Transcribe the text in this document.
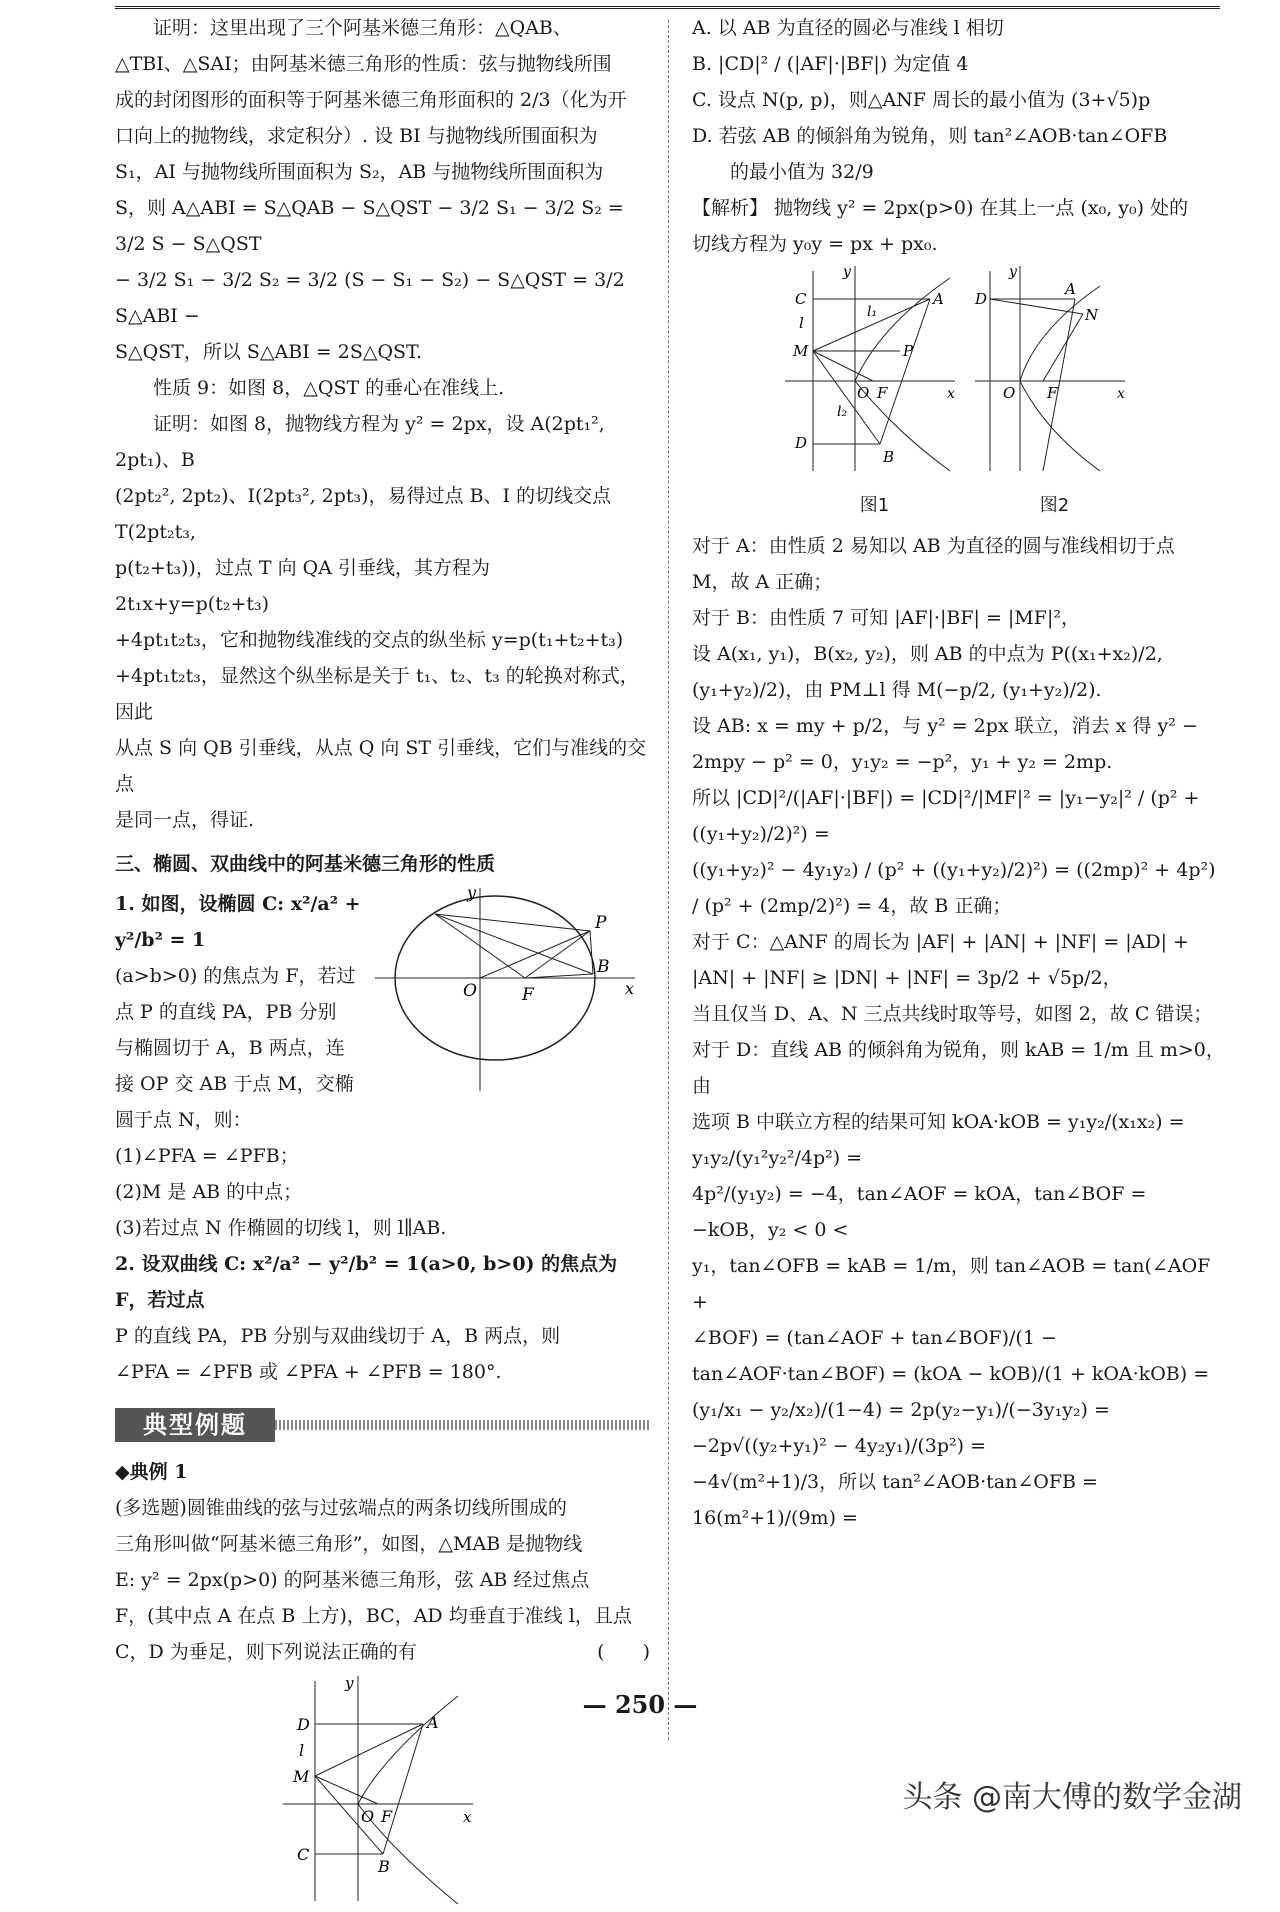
证明：这里出现了三个阿基米德三角形：△QAB、

△TBI、△SAI；由阿基米德三角形的性质：弦与抛物线所围

成的封闭图形的面积等于阿基米德三角形面积的 2/3（化为开

口向上的抛物线，求定积分）. 设 BI 与抛物线所围面积为

S₁，AI 与抛物线所围面积为 S₂，AB 与抛物线所围面积为

S，则 A△ABI = S△QAB − S△QST − 3/2 S₁ − 3/2 S₂ = 3/2 S − S△QST

− 3/2 S₁ − 3/2 S₂ = 3/2 (S − S₁ − S₂) − S△QST = 3/2 S△ABI −

S△QST，所以 S△ABI = 2S△QST.

性质 9：如图 8，△QST 的垂心在准线上.

证明：如图 8，抛物线方程为 y² = 2px，设 A(2pt₁², 2pt₁)、B

(2pt₂², 2pt₂)、I(2pt₃², 2pt₃)，易得过点 B、I 的切线交点 T(2pt₂t₃,

p(t₂+t₃))，过点 T 向 QA 引垂线，其方程为 2t₁x+y=p(t₂+t₃)

+4pt₁t₂t₃，它和抛物线准线的交点的纵坐标 y=p(t₁+t₂+t₃)

+4pt₁t₂t₃，显然这个纵坐标是关于 t₁、t₂、t₃ 的轮换对称式，因此

从点 S 向 QB 引垂线，从点 Q 向 ST 引垂线，它们与准线的交点

是同一点，得证.

三、椭圆、双曲线中的阿基米德三角形的性质

1. 如图，设椭圆 C: x²/a² + y²/b² = 1

(a>b>0) 的焦点为 F，若过

点 P 的直线 PA，PB 分别

与椭圆切于 A，B 两点，连

接 OP 交 AB 于点 M，交椭

圆于点 N，则：

O	F
P
B
x
y

(1)∠PFA = ∠PFB；

(2)M 是 AB 的中点；

(3)若过点 N 作椭圆的切线 l，则 l∥AB.

2. 设双曲线 C: x²/a² − y²/b² = 1(a>0, b>0) 的焦点为 F，若过点

P 的直线 PA，PB 分别与双曲线切于 A，B 两点，则

∠PFA = ∠PFB 或 ∠PFA + ∠PFB = 180°.

典型例题

◆典例 1

(多选题)圆锥曲线的弦与过弦端点的两条切线所围成的

三角形叫做“阿基米德三角形”，如图，△MAB 是抛物线

E: y² = 2px(p>0) 的阿基米德三角形，弦 AB 经过焦点

F，(其中点 A 在点 B 上方)，BC，AD 均垂直于准线 l，且点

C，D 为垂足，则下列说法正确的有	(　　)

D
l
M
C
A
B
O F	x
y

A. 以 AB 为直径的圆必与准线 l 相切

B. |CD|² / (|AF|·|BF|) 为定值 4

C. 设点 N(p, p)，则△ANF 周长的最小值为 (3+√5)p

D. 若弦 AB 的倾斜角为锐角，则 tan²∠AOB·tan∠OFB

的最小值为 32/9

【解析】 抛物线 y² = 2px(p>0) 在其上一点 (x₀, y₀) 处的

切线方程为 y₀y = px + px₀.

C
l
M
D
A
B
P
O F
l₁
l₂
x
y
图1
D
A
N
O F	x
y
图2

对于 A：由性质 2 易知以 AB 为直径的圆与准线相切于点

M，故 A 正确；

对于 B：由性质 7 可知 |AF|·|BF| = |MF|²，

设 A(x₁, y₁)，B(x₂, y₂)，则 AB 的中点为 P((x₁+x₂)/2,

(y₁+y₂)/2)，由 PM⊥l 得 M(−p/2, (y₁+y₂)/2).

设 AB: x = my + p/2，与 y² = 2px 联立，消去 x 得 y² −

2mpy − p² = 0，y₁y₂ = −p²，y₁ + y₂ = 2mp.

所以 |CD|²/(|AF|·|BF|) = |CD|²/|MF|² = |y₁−y₂|² / (p² + ((y₁+y₂)/2)²) =

((y₁+y₂)² − 4y₁y₂) / (p² + ((y₁+y₂)/2)²) = ((2mp)² + 4p²) / (p² + (2mp/2)²) = 4，故 B 正确；

对于 C：△ANF 的周长为 |AF| + |AN| + |NF| = |AD| +

|AN| + |NF| ≥ |DN| + |NF| = 3p/2 + √5p/2，

当且仅当 D、A、N 三点共线时取等号，如图 2，故 C 错误；

对于 D：直线 AB 的倾斜角为锐角，则 kAB = 1/m 且 m>0，由

选项 B 中联立方程的结果可知 kOA·kOB = y₁y₂/(x₁x₂) = y₁y₂/(y₁²y₂²/4p²) =

4p²/(y₁y₂) = −4，tan∠AOF = kOA，tan∠BOF = −kOB，y₂ < 0 <

y₁，tan∠OFB = kAB = 1/m，则 tan∠AOB = tan(∠AOF +

∠BOF) = (tan∠AOF + tan∠BOF)/(1 − tan∠AOF·tan∠BOF) = (kOA − kOB)/(1 + kOA·kOB) =

(y₁/x₁ − y₂/x₂)/(1−4) = 2p(y₂−y₁)/(−3y₁y₂) = −2p√((y₂+y₁)² − 4y₂y₁)/(3p²) =

−4√(m²+1)/3，所以 tan²∠AOB·tan∠OFB = 16(m²+1)/(9m) =

— 250 —
头条 @南大傅的数学金湖
